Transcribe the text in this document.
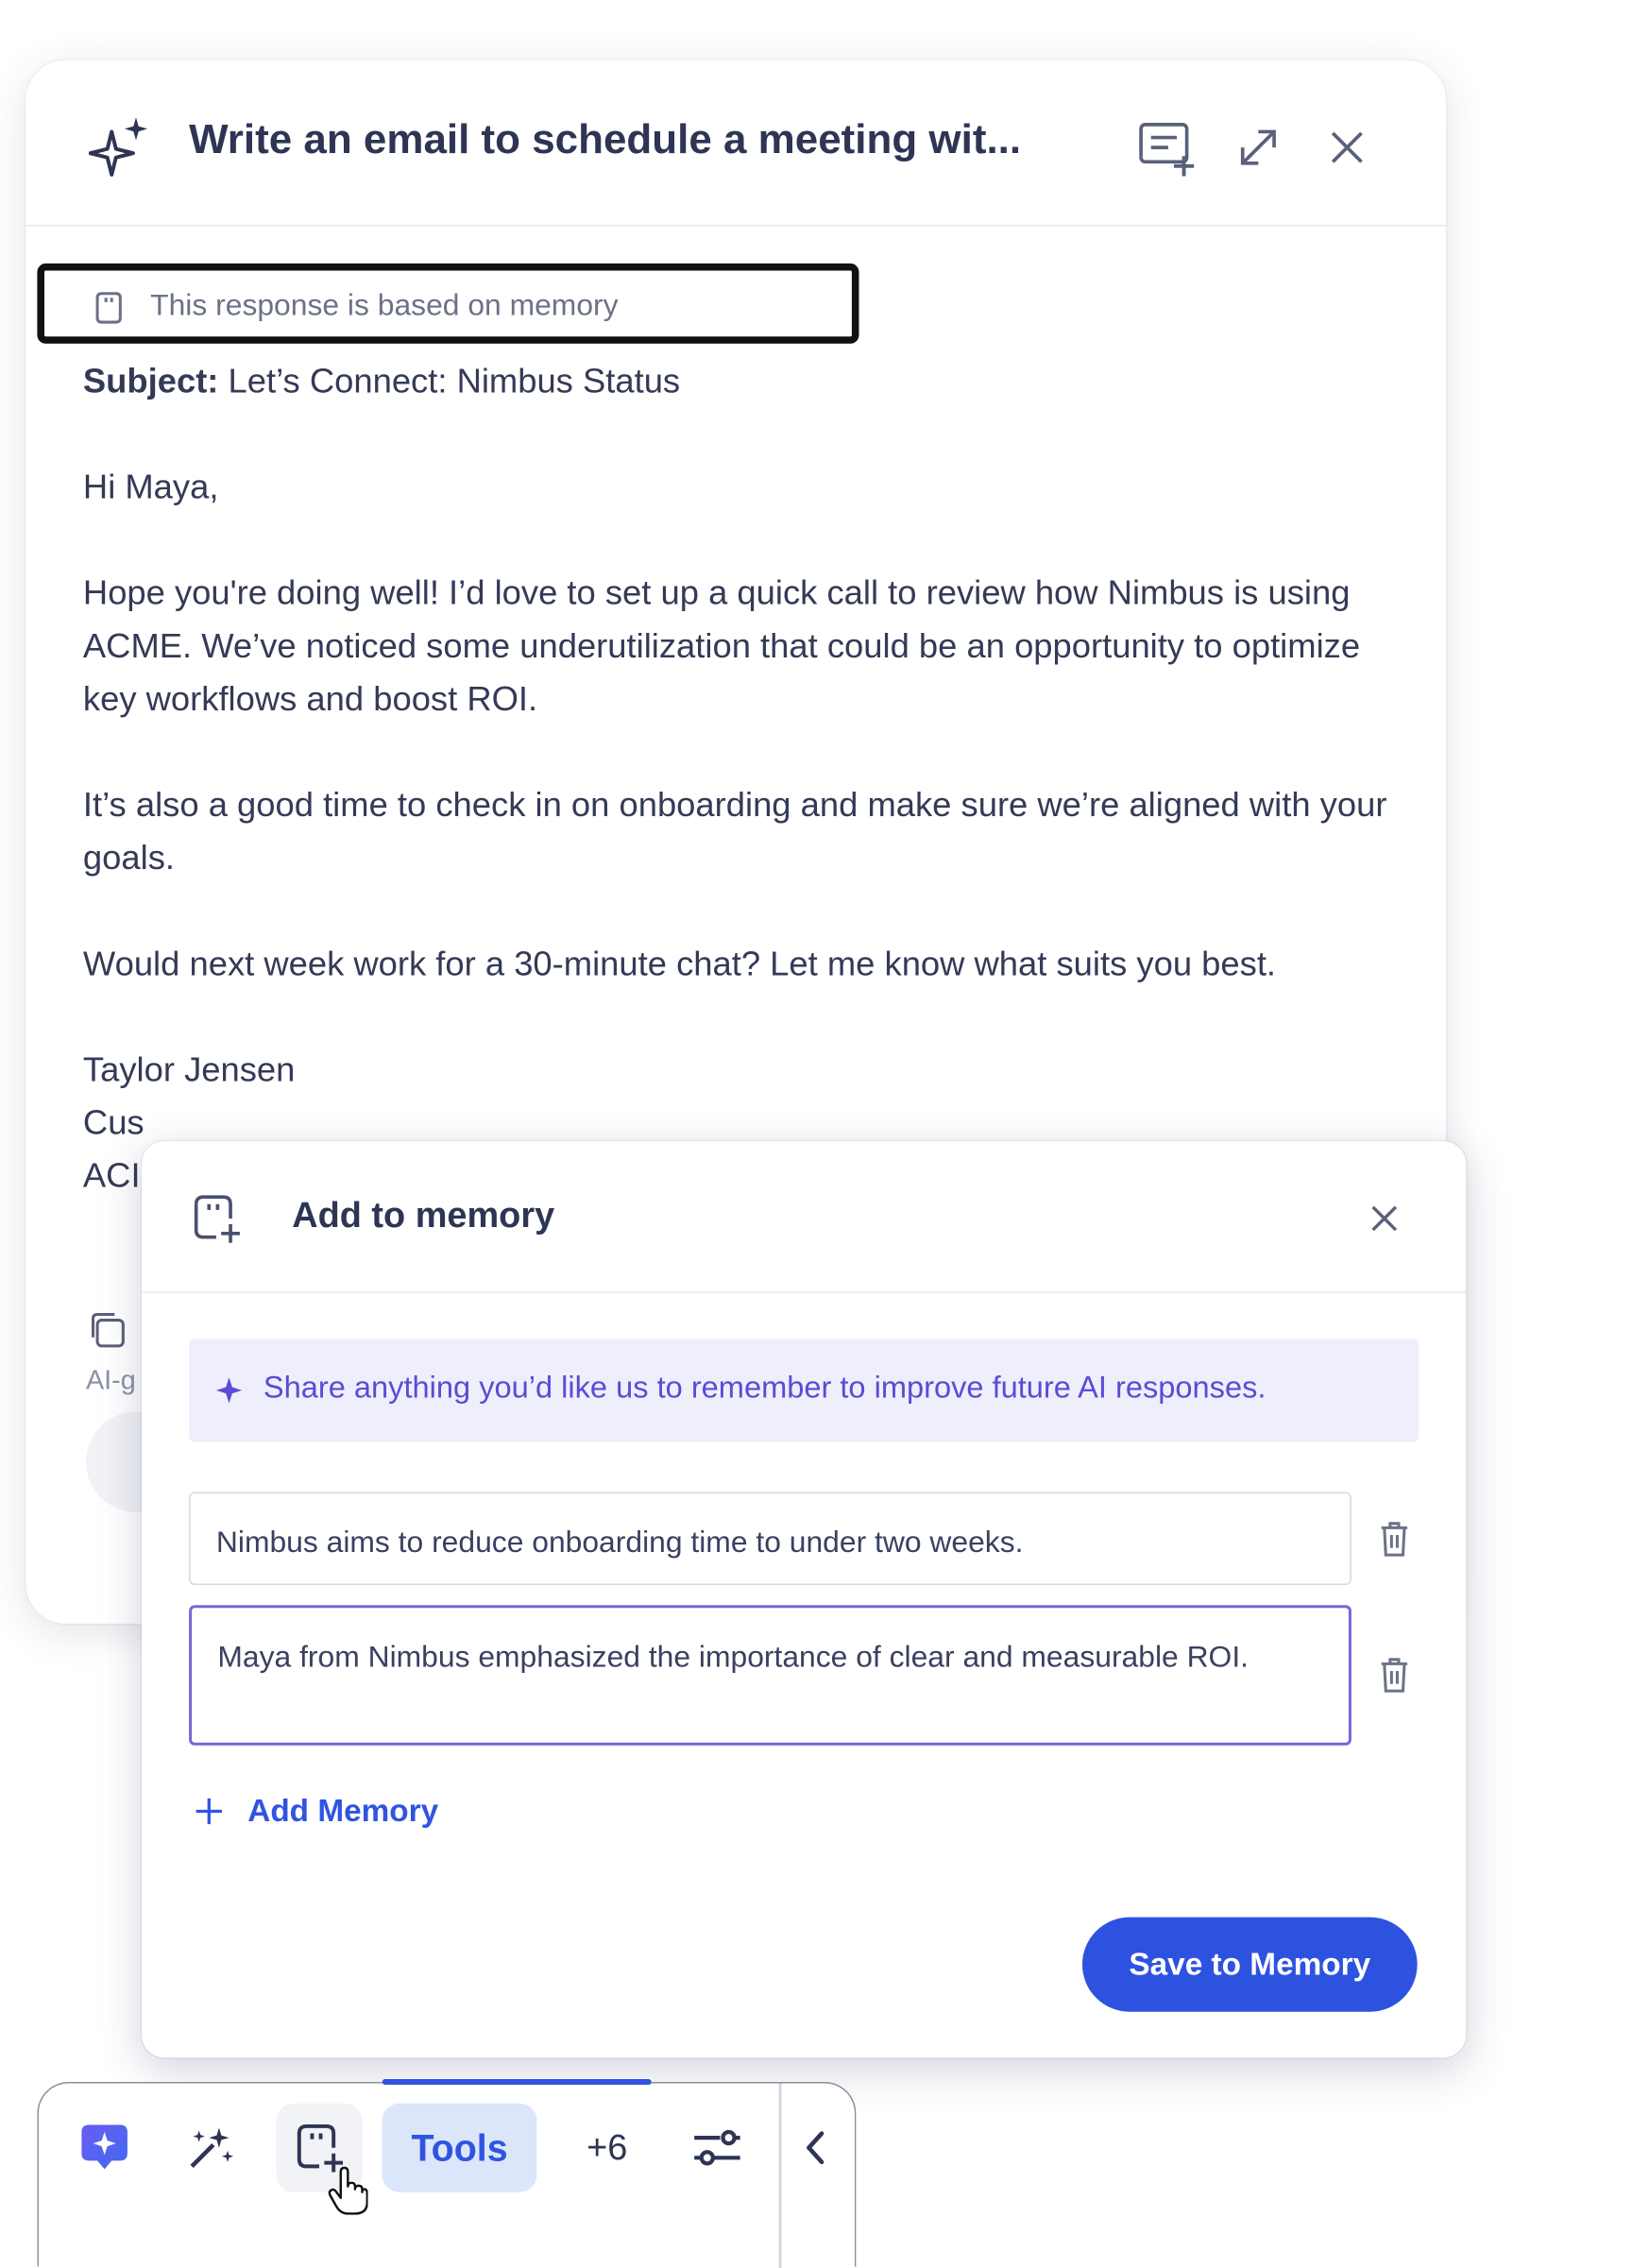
Write an email to schedule a meeting wit...
This response is based on memory

Subject: Let’s Connect: Nimbus Status

Hi Maya,

Hope you're doing well! I’d love to set up a quick call to review how Nimbus is using ACME. We’ve noticed some underutilization that could be an opportunity to optimize key workflows and boost ROI.

It’s also a good time to check in on onboarding and make sure we’re aligned with your goals.

Would next week work for a 30-minute chat? Let me know what suits you best.

Taylor Jensen
Cus
ACI
AI-g
Add to memory
Share anything you’d like us to remember to improve future AI responses.
Nimbus aims to reduce onboarding time to under two weeks.
Maya from Nimbus emphasized the importance of clear and measurable ROI.
Add Memory
Save to Memory
Tools	+6
